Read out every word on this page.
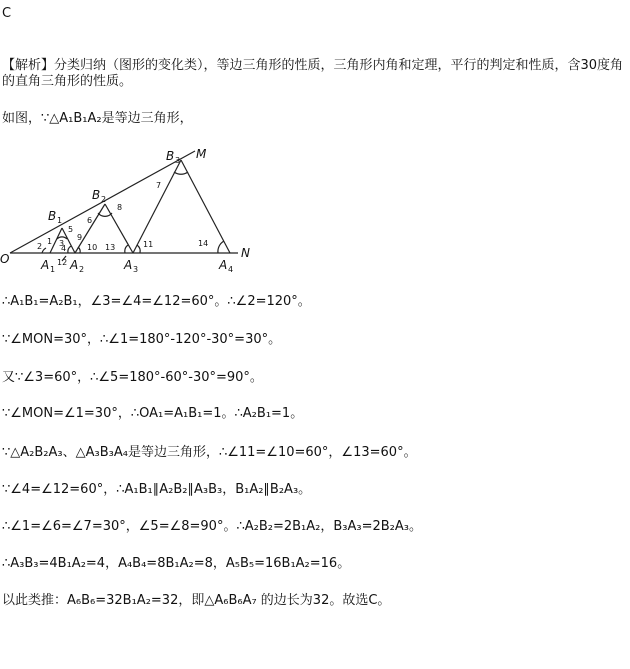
C
【解析】分类归纳（图形的变化类），等边三角形的性质，三角形内角和定理，平行的判定和性质，含30度角的直角三角形的性质。
如图，∵△A₁B₁A₂是等边三角形，
O
M
N
B 1
B 2
B 3
A 1 A 2	A 3	A 4
1
2 3
4
5
6
7
8
9
10	11
12
13	14
∴A₁B₁=A₂B₁，∠3=∠4=∠12=60°。∴∠2=120°。
∵∠MON=30°，∴∠1=180°-120°-30°=30°。
又∵∠3=60°，∴∠5=180°-60°-30°=90°。
∵∠MON=∠1=30°，∴OA₁=A₁B₁=1。∴A₂B₁=1。
∵△A₂B₂A₃、△A₃B₃A₄是等边三角形，∴∠11=∠10=60°，∠13=60°。
∵∠4=∠12=60°，∴A₁B₁∥A₂B₂∥A₃B₃，B₁A₂∥B₂A₃。
∴∠1=∠6=∠7=30°，∠5=∠8=90°。∴A₂B₂=2B₁A₂，B₃A₃=2B₂A₃。
∴A₃B₃=4B₁A₂=4，A₄B₄=8B₁A₂=8，A₅B₅=16B₁A₂=16。
以此类推：A₆B₆=32B₁A₂=32，即△A₆B₆A₇ 的边长为32。故选C。
